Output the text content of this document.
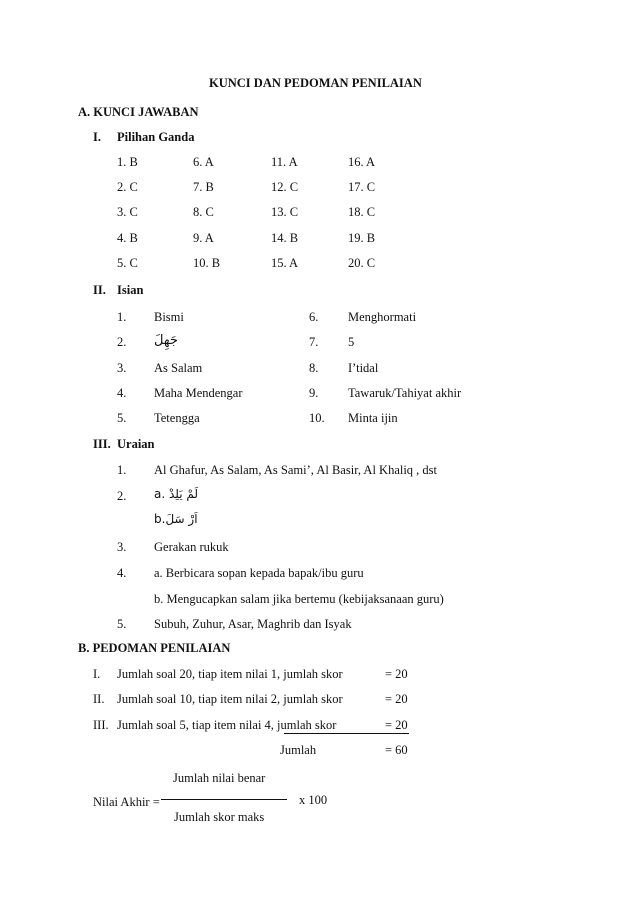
KUNCI DAN PEDOMAN PENILAIAN
A. KUNCI JAWABAN
I. Pilihan Ganda
1. B	6. A	11. A	16. A
2. C	7. B	12. C	17. C
3. C	8. C	13. C	18. C
4. B	9. A	14. B	19. B
5. C	10. B	15. A	20. C
II. Isian
1. Bismi	6. Menghormati
2. جَهِلَ	7. 5
3. As Salam	8. I’tidal
4. Maha Mendengar	9. Tawaruk/Tahiyat akhir
5. Tetengga	10. Minta ijin
III. Uraian
1. Al Ghafur, As Salam, As Sami’, Al Basir, Al Khaliq , dst
2. a. لَمْ يَلِدْ
b.اَرْ سَلَ
3. Gerakan rukuk
4. a. Berbicara sopan kepada bapak/ibu guru
b. Mengucapkan salam jika bertemu (kebijaksanaan guru)
5. Subuh, Zuhur, Asar, Maghrib dan Isyak
B. PEDOMAN PENILAIAN
I. Jumlah soal 20, tiap item nilai 1, jumlah skor	= 20
II. Jumlah soal 10, tiap item nilai 2, jumlah skor	= 20
III. Jumlah soal 5, tiap item nilai 4, jumlah skor	= 20
Jumlah	= 60
Jumlah nilai benar
Nilai Akhir =	x 100
Jumlah skor maks
